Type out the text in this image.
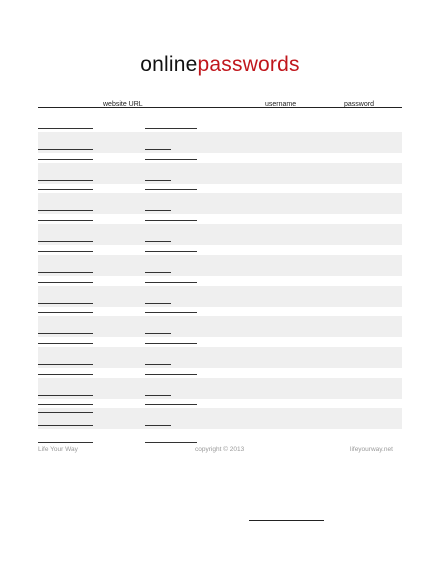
onlinepasswords
website URL	username	password
Life Your Way	copyright © 2013	lifeyourway.net
